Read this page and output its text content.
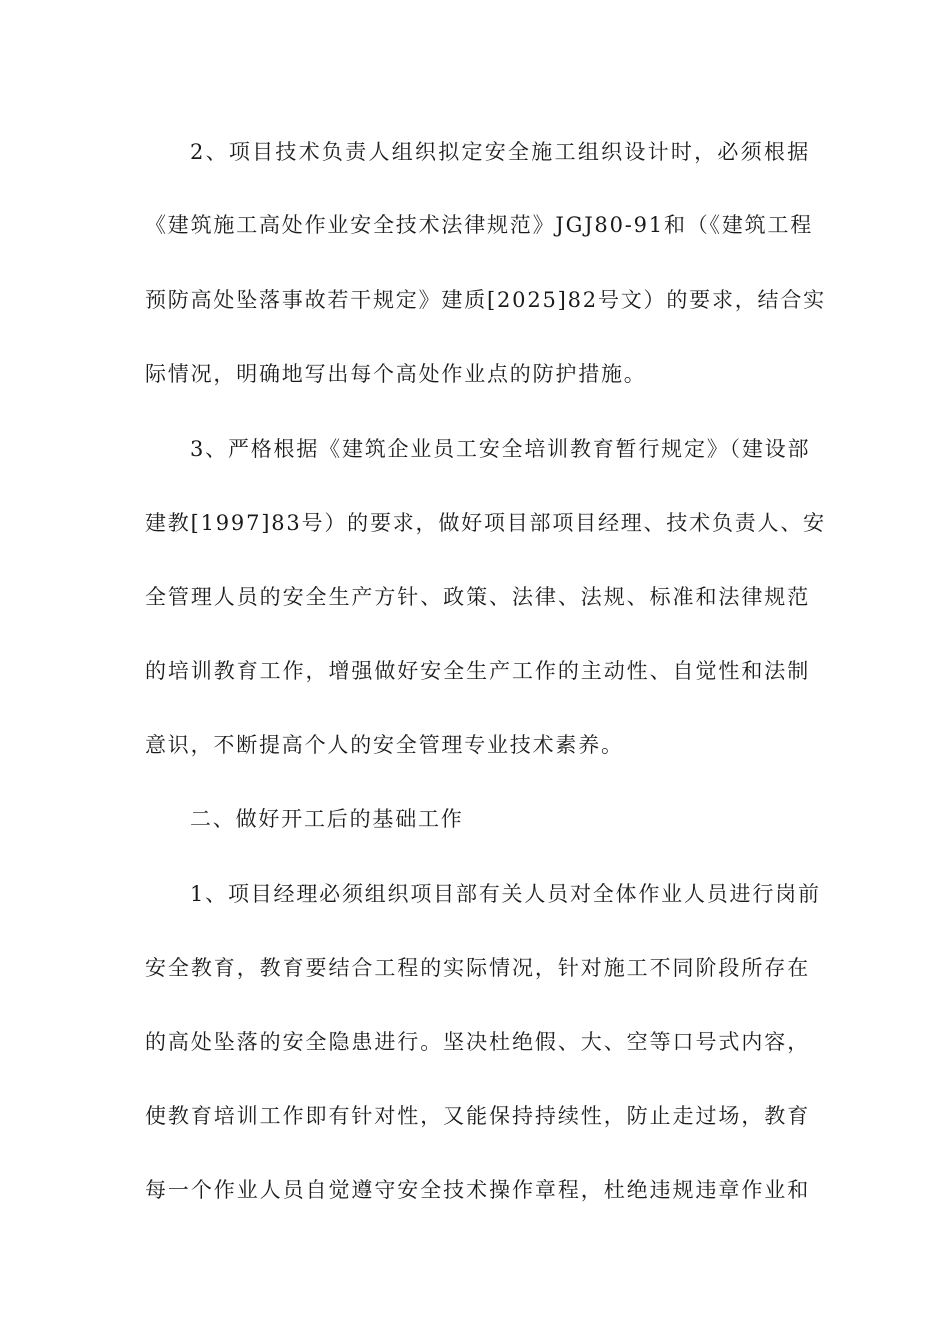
2、项目技术负责人组织拟定安全施工组织设计时，必须根据
《建筑施工高处作业安全技术法律规范》JGJ80-91和（《建筑工程
预防高处坠落事故若干规定》建质[2025]82号文）的要求，结合实
际情况，明确地写出每个高处作业点的防护措施。
3、严格根据《建筑企业员工安全培训教育暂行规定》（建设部
建教[1997]83号）的要求，做好项目部项目经理、技术负责人、安
全管理人员的安全生产方针、政策、法律、法规、标准和法律规范
的培训教育工作，增强做好安全生产工作的主动性、自觉性和法制
意识，不断提高个人的安全管理专业技术素养。
二、做好开工后的基础工作
1、项目经理必须组织项目部有关人员对全体作业人员进行岗前
安全教育，教育要结合工程的实际情况，针对施工不同阶段所存在
的高处坠落的安全隐患进行。坚决杜绝假、大、空等口号式内容，
使教育培训工作即有针对性，又能保持持续性，防止走过场，教育
每一个作业人员自觉遵守安全技术操作章程，杜绝违规违章作业和
